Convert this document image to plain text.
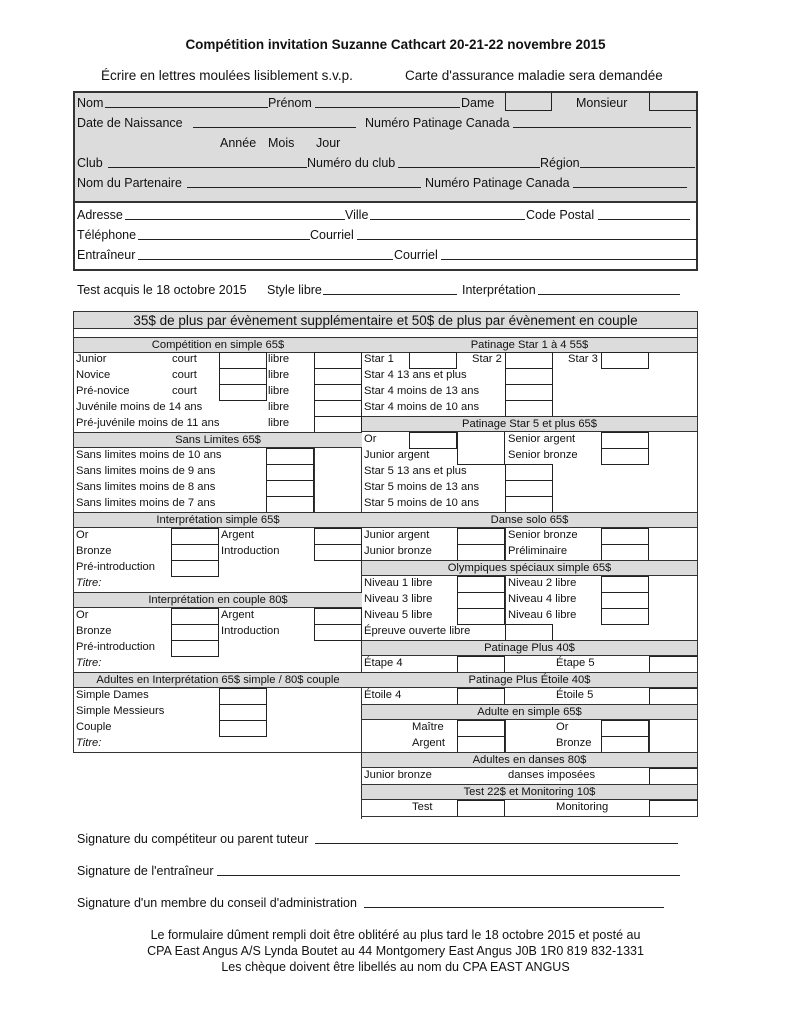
Compétition invitation Suzanne Cathcart 20-21-22 novembre 2015
Écrire en lettres moulées lisiblement s.v.p.	Carte d'assurance maladie sera demandée
Nom	Prénom	Dame	Monsieur
Date de Naissance	Numéro Patinage Canada
Année Mois Jour
Club	Numéro du club	Région
Nom du Partenaire	Numéro Patinage Canada
Adresse	Ville	Code Postal
Téléphone	Courriel
Entraîneur	Courriel
Test acquis le 18 octobre 2015 Style libre	Interprétation
35$ de plus par évènement supplémentaire et 50$ de plus par évènement en couple
Compétition en simple 65$
Junior	court	libre
Novice	court	libre
Pré-novice	court	libre
Juvénile moins de 14 ans	libre
Pré-juvénile moins de 11 ans	libre
Sans Limites 65$
Sans limites moins de 10 ans
Sans limites moins de 9 ans
Sans limites moins de 8 ans
Sans limites moins de 7 ans
Interprétation simple 65$
Or	Argent
Bronze	Introduction
Pré-introduction
Titre:
Interprétation en couple 80$
Or	Argent
Bronze	Introduction
Pré-introduction
Titre:
Adultes en Interprétation 65$ simple / 80$ couple
Simple Dames
Simple Messieurs
Couple
Titre:
Patinage Star 1 à 4 55$
Star 1	Star 2	Star 3
Star 4 13 ans et plus
Star 4 moins de 13 ans
Star 4 moins de 10 ans
Patinage Star 5 et plus 65$
Or	Senior argent
Junior argent	Senior bronze
Star 5 13 ans et plus
Star 5 moins de 13 ans
Star 5 moins de 10 ans
Danse solo 65$
Junior argent	Senior bronze
Junior bronze	Préliminaire
Olympiques spéciaux simple 65$
Niveau 1 libre	Niveau 2 libre
Niveau 3 libre	Niveau 4 libre
Niveau 5 libre	Niveau 6 libre
Épreuve ouverte libre
Patinage Plus 40$
Étape 4	Étape 5
Patinage Plus Étoile 40$
Étoile 4	Étoile 5
Adulte en simple 65$
Maître	Or
Argent	Bronze
Adultes en danses 80$
Junior bronze	danses imposées
Test 22$ et Monitoring 10$
Test	Monitoring
Signature du compétiteur ou parent tuteur
Signature de l'entraîneur
Signature d'un membre du conseil d'administration
Le formulaire dûment rempli doit être oblitéré au plus tard le 18 octobre 2015 et posté au
CPA East Angus A/S Lynda Boutet au 44 Montgomery East Angus J0B 1R0 819 832-1331
Les chèque doivent être libellés au nom du CPA EAST ANGUS
